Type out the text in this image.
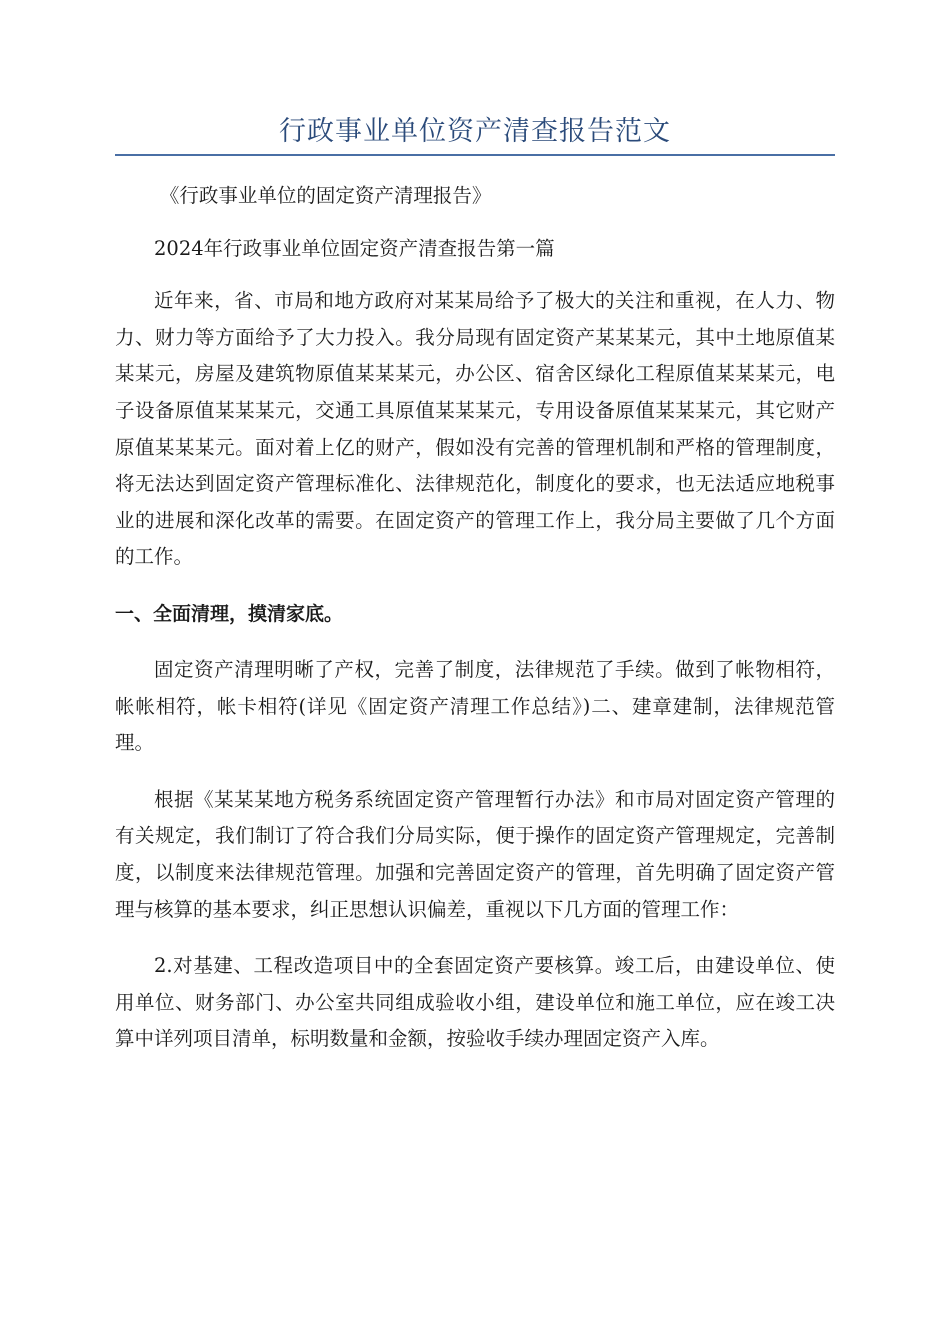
行政事业单位资产清查报告范文

《行政事业单位的固定资产清理报告》

2024年行政事业单位固定资产清查报告第一篇

近年来，省、市局和地方政府对某某局给予了极大的关注和重视，在人力、物力、财力等方面给予了大力投入。我分局现有固定资产某某某元，其中土地原值某某某元，房屋及建筑物原值某某某元，办公区、宿舍区绿化工程原值某某某元，电子设备原值某某某元，交通工具原值某某某元，专用设备原值某某某元，其它财产原值某某某元。面对着上亿的财产，假如没有完善的管理机制和严格的管理制度，将无法达到固定资产管理标准化、法律规范化，制度化的要求，也无法适应地税事业的进展和深化改革的需要。在固定资产的管理工作上，我分局主要做了几个方面的工作。

一、全面清理，摸清家底。

固定资产清理明晰了产权，完善了制度，法律规范了手续。做到了帐物相符，帐帐相符，帐卡相符(详见《固定资产清理工作总结》)二、建章建制，法律规范管理。

根据《某某某地方税务系统固定资产管理暂行办法》和市局对固定资产管理的有关规定，我们制订了符合我们分局实际，便于操作的固定资产管理规定，完善制度，以制度来法律规范管理。加强和完善固定资产的管理，首先明确了固定资产管理与核算的基本要求，纠正思想认识偏差，重视以下几方面的管理工作：

2.对基建、工程改造项目中的全套固定资产要核算。竣工后，由建设单位、使用单位、财务部门、办公室共同组成验收小组，建设单位和施工单位，应在竣工决算中详列项目清单，标明数量和金额，按验收手续办理固定资产入库。
